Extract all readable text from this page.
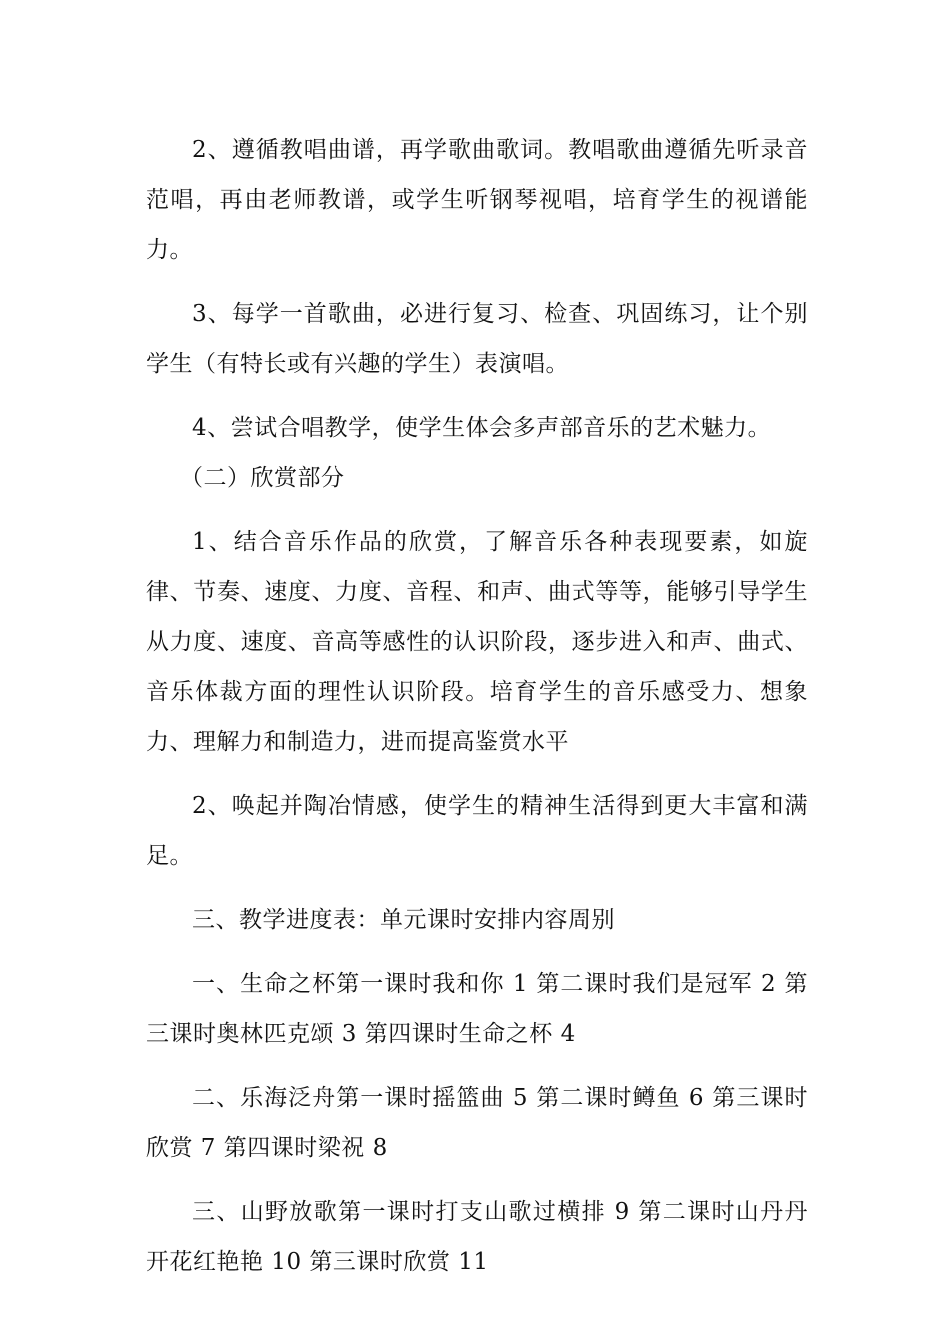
2、遵循教唱曲谱，再学歌曲歌词。教唱歌曲遵循先听录音范唱，再由老师教谱，或学生听钢琴视唱，培育学生的视谱能力。

3、每学一首歌曲，必进行复习、检查、巩固练习，让个别学生（有特长或有兴趣的学生）表演唱。

4、尝试合唱教学，使学生体会多声部音乐的艺术魅力。

（二）欣赏部分

1、结合音乐作品的欣赏，了解音乐各种表现要素，如旋律、节奏、速度、力度、音程、和声、曲式等等，能够引导学生从力度、速度、音高等感性的认识阶段，逐步进入和声、曲式、音乐体裁方面的理性认识阶段。培育学生的音乐感受力、想象力、理解力和制造力，进而提高鉴赏水平

2、唤起并陶冶情感，使学生的精神生活得到更大丰富和满足。

三、教学进度表：单元课时安排内容周别

一、生命之杯第一课时我和你 1 第二课时我们是冠军 2 第三课时奥林匹克颂 3 第四课时生命之杯 4

二、乐海泛舟第一课时摇篮曲 5 第二课时鳟鱼 6 第三课时欣赏 7 第四课时梁祝 8

三、山野放歌第一课时打支山歌过横排 9 第二课时山丹丹开花红艳艳 10 第三课时欣赏 11
